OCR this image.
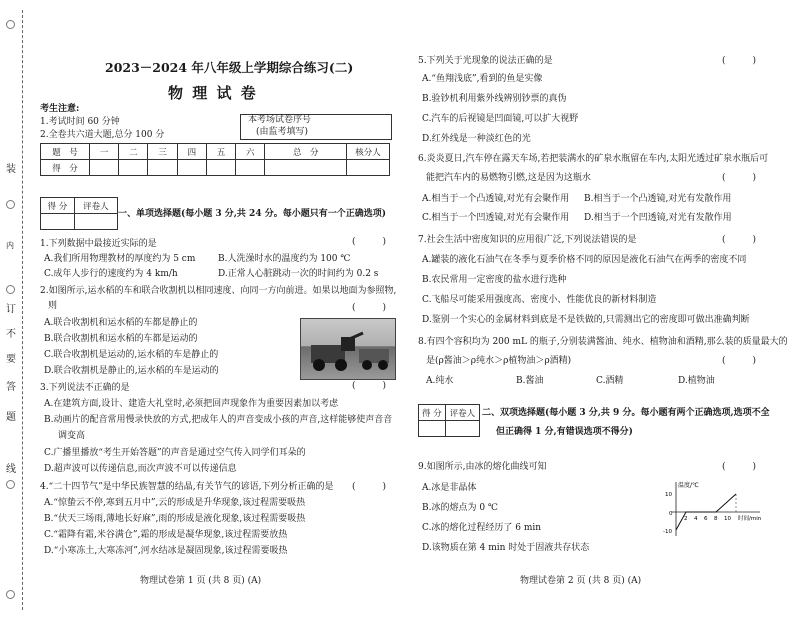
装
订
线
内
不
要
答
题
2023－2024 年八年级上学期综合练习(二)
物 理 试 卷
考生注意:
1.考试时间 60 分钟
2.全卷共六道大题,总分 100 分
本考场试卷序号
(由监考填写)
题　号	一	二	三	四	五	六	总　分	核分人
得　分								
得 分	评卷人

一、单项选择题(每小题 3 分,共 24 分。每小题只有一个正确选项)
1.下列数据中最接近实际的是	(　　　)
A.我们所用物理教材的厚度约为 5 cm	B.人洗澡时水的温度约为 100 ℃
C.成年人步行的速度约为 4 km/h	D.正常人心脏跳动一次的时间约为 0.2 s
2.如图所示,运水稻的车和联合收割机以相同速度、向同一方向前进。如果以地面为参照物,
则	(　　　)
A.联合收割机和运水稻的车都是静止的
B.联合收割机和运水稻的车都是运动的
C.联合收割机是运动的,运水稻的车是静止的
D.联合收割机是静止的,运水稻的车是运动的
3.下列说法不正确的是	(　　　)
A.在建筑方面,设计、建造大礼堂时,必须把回声现象作为重要因素加以考虑
B.动画片的配音常用慢录快放的方式,把成年人的声音变成小孩的声音,这样能够使声音音
调变高
C.广播里播放“考生开始答题”的声音是通过空气传入同学们耳朵的
D.超声波可以传递信息,而次声波不可以传递信息
4.“二十四节气”是中华民族智慧的结晶,有关节气的谚语,下列分析正确的是 (　　　)
A.“惊蛰云不停,寒到五月中”,云的形成是升华现象,该过程需要吸热
B.“伏天三场雨,薄地长好麻”,雨的形成是液化现象,该过程需要吸热
C.“霜降有霜,米谷满仓”,霜的形成是凝华现象,该过程需要放热
D.“小寒冻土,大寒冻河”,河水结冰是凝固现象,该过程需要吸热
物理试卷第 1 页 (共 8 页) (A)
5.下列关于光现象的说法正确的是	(　　　)
A.“鱼翔浅底”,看到的鱼是实像
B.验钞机利用紫外线辨别钞票的真伪
C.汽车的后视镜是凹面镜,可以扩大视野
D.红外线是一种淡红色的光
6.炎炎夏日,汽车停在露天车场,若把装满水的矿泉水瓶留在车内,太阳光透过矿泉水瓶后可
能把汽车内的易燃物引燃,这是因为这瓶水	(　　　)
A.相当于一个凸透镜,对光有会聚作用 B.相当于一个凸透镜,对光有发散作用
C.相当于一个凹透镜,对光有会聚作用 D.相当于一个凹透镜,对光有发散作用
7.社会生活中密度知识的应用很广泛,下列说法错误的是	(　　　)
A.罐装的液化石油气在冬季与夏季价格不同的原因是液化石油气在两季的密度不同
B.农民常用一定密度的盐水进行选种
C.飞船尽可能采用强度高、密度小、性能优良的新材料制造
D.鉴别一个实心的金属材料到底是不是铁做的,只需测出它的密度即可做出准确判断
8.有四个容积均为 200 mL 的瓶子,分别装满酱油、纯水、植物油和酒精,那么装的质量最大的
(　　　)
是(ρ酱油＞ρ纯水＞ρ植物油＞ρ酒精)
A.纯水	B.酱油	C.酒精	D.植物油
得 分	评卷人
	二、双项选择题(每小题 3 分,共 9 分。每小题有两个正确选项,选项不全
但正确得 1 分,有错误选项不得分)
9.如图所示,由冰的熔化曲线可知	(　　　)
A.冰是非晶体
B.冰的熔点为 0 ℃
C.冰的熔化过程经历了 6 min
D.该物质在第 4 min 时处于固液共存状态
温度/℃
时间/min
10
0
-10
2 4 6 8 10
物理试卷第 2 页 (共 8 页) (A)
